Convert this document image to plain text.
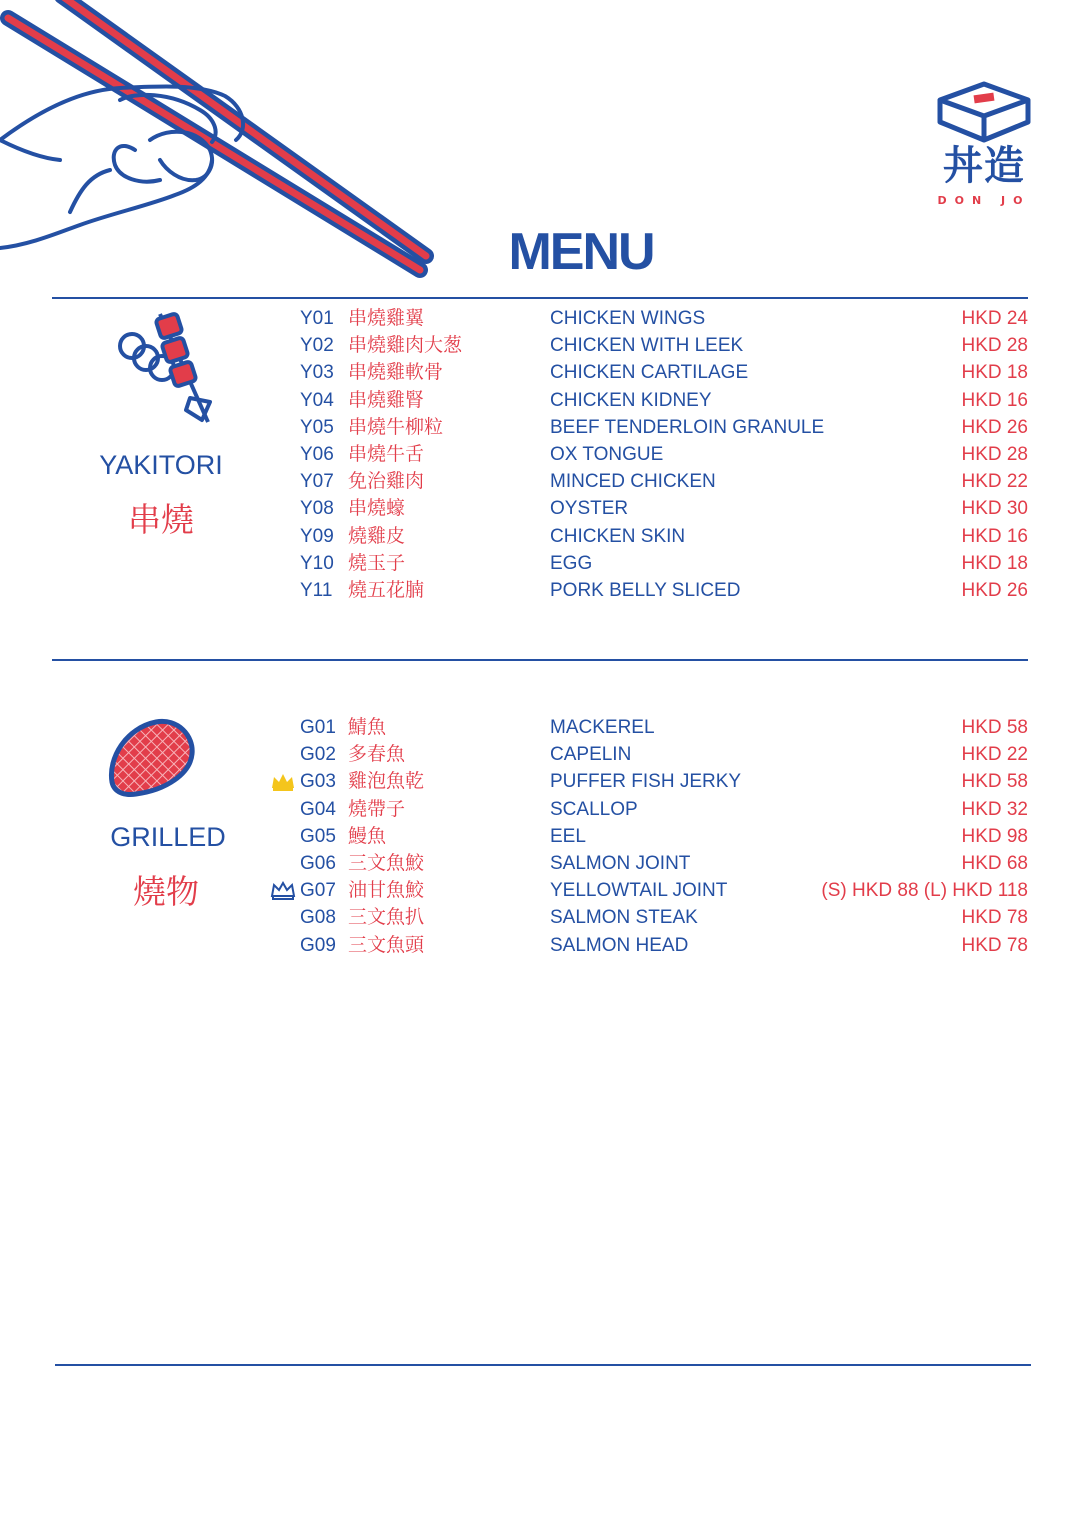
丼造
DON JO
MENU
YAKITORI
串燒
GRILLED
燒物
Y01 串燒雞翼	CHICKEN WINGS	HKD 24
Y02 串燒雞肉大葱	CHICKEN WITH LEEK	HKD 28
Y03 串燒雞軟骨	CHICKEN CARTILAGE	HKD 18
Y04 串燒雞腎	CHICKEN KIDNEY	HKD 16
Y05 串燒牛柳粒	BEEF TENDERLOIN GRANULE	HKD 26
Y06 串燒牛舌	OX TONGUE	HKD 28
Y07 免治雞肉	MINCED CHICKEN	HKD 22
Y08 串燒蠔	OYSTER	HKD 30
Y09 燒雞皮	CHICKEN SKIN	HKD 16
Y10 燒玉子	EGG	HKD 18
Y11 燒五花腩	PORK BELLY SLICED	HKD 26
G01 鯖魚	MACKEREL	HKD 58
G02 多春魚	CAPELIN	HKD 22
G03 雞泡魚乾	PUFFER FISH JERKY	HKD 58
G04 燒帶子	SCALLOP	HKD 32
G05 鰻魚	EEL	HKD 98
G06 三文魚鮫	SALMON JOINT	HKD 68
G07 油甘魚鮫	YELLOWTAIL JOINT	(S) HKD 88 (L) HKD 118
G08 三文魚扒	SALMON STEAK	HKD 78
G09 三文魚頭	SALMON HEAD	HKD 78
